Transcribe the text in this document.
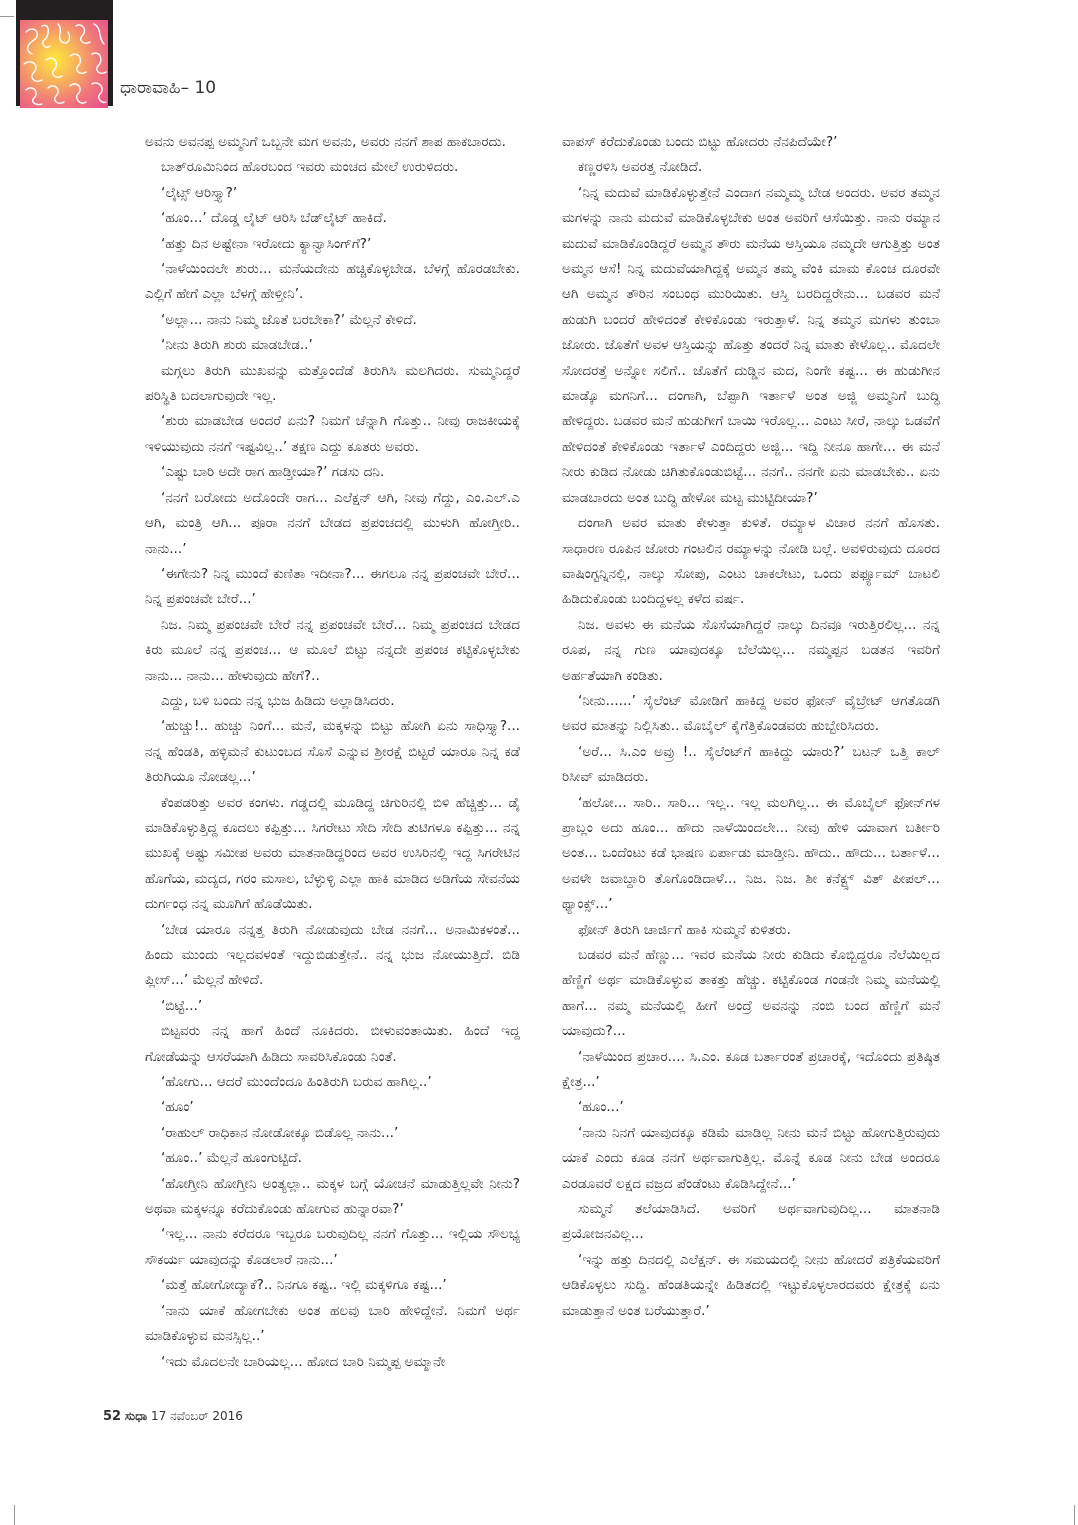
ಧಾರಾವಾಹಿ– 10

ಅವನು ಅವನಪ್ಪ ಅಮ್ಮನಿಗೆ ಒಬ್ಬನೇ ಮಗ ಅವನು, ಅವರು ನನಗೆ ಶಾಪ ಹಾಕಬಾರದು.

ಬಾತ್‌ರೂಮಿನಿಂದ ಹೊರಬಂದ ಇವರು ಮಂಚದ ಮೇಲೆ ಉರುಳಿದರು.

‘ಲೈಟ್ಸ್ ಆರಿಸ್ತ್ಯಾ?’

‘ಹೂಂ...’ ದೊಡ್ಡ ಲೈಟ್ ಆರಿಸಿ ಬೆಡ್‌ಲೈಟ್ ಹಾಕಿದೆ.

‘ಹತ್ತು ದಿನ ಅಷ್ಟೇನಾ ಇರೋದು ಕ್ಯಾನ್ವಾಸಿಂಗ್‌ಗೆ?’

‘ನಾಳೆಯಿಂದಲೇ ಶುರು... ಮನೆಯದೇನು ಹಚ್ಚಿಕೊಳ್ಳಬೇಡ. ಬೆಳಗ್ಗೆ ಹೊರಡಬೇಕು. ಎಲ್ಲಿಗೆ ಹೇಗೆ ಎಲ್ಲಾ ಬೆಳಗ್ಗೆ ಹೇಳ್ತೀನಿ’.

‘ಅಲ್ಲಾ... ನಾನು ನಿಮ್ಮ ಜೊತೆ ಬರಬೇಕಾ?’ ಮೆಲ್ಲನೆ ಕೇಳಿದೆ.

‘ನೀನು ತಿರುಗಿ ಶುರು ಮಾಡಬೇಡ..’

ಮಗ್ಗಲು ತಿರುಗಿ ಮುಖವನ್ನು ಮತ್ತೊಂದೆಡೆ ತಿರುಗಿಸಿ ಮಲಗಿದರು. ಸುಮ್ಮನಿದ್ದರೆ ಪರಿಸ್ಥಿತಿ ಬದಲಾಗುವುದೇ ಇಲ್ಲ.

‘ಶುರು ಮಾಡಬೇಡ ಅಂದರೆ ಏನು? ನಿಮಗೆ ಚೆನ್ನಾಗಿ ಗೊತ್ತು.. ನೀವು ರಾಜಕೀಯಕ್ಕೆ ಇಳಿಯುವುದು ನನಗೆ ಇಷ್ಟವಿಲ್ಲ..’ ತಕ್ಷಣ ಎದ್ದು ಕೂತರು ಅವರು.

‘ಎಷ್ಟು ಬಾರಿ ಅದೇ ರಾಗ ಹಾಡ್ತೀಯಾ?’ ಗಡಸು ದನಿ.

‘ನನಗೆ ಬರೋದು ಅದೊಂದೇ ರಾಗ... ಎಲೆಕ್ಷನ್ ಆಗಿ, ನೀವು ಗೆದ್ದು, ಎಂ.ಎಲ್.ಎ ಆಗಿ, ಮಂತ್ರಿ ಆಗಿ... ಪೂರಾ ನನಗೆ ಬೇಡದ ಪ್ರಪಂಚದಲ್ಲಿ ಮುಳುಗಿ ಹೋಗ್ತೀರಿ.. ನಾನು...’

‘ಈಗೇನು? ನಿನ್ನ ಮುಂದೆ ಕುಣಿತಾ ಇದೀನಾ?... ಈಗಲೂ ನನ್ನ ಪ್ರಪಂಚವೇ ಬೇರೆ... ನಿನ್ನ ಪ್ರಪಂಚವೇ ಬೇರೆ...’

ನಿಜ. ನಿಮ್ಮ ಪ್ರಪಂಚವೇ ಬೇರೆ ನನ್ನ ಪ್ರಪಂಚವೇ ಬೇರೆ... ನಿಮ್ಮ ಪ್ರಪಂಚದ ಬೇಡದ ಕಿರು ಮೂಲೆ ನನ್ನ ಪ್ರಪಂಚ... ಆ ಮೂಲೆ ಬಿಟ್ಟು ನನ್ನದೇ ಪ್ರಪಂಚ ಕಟ್ಟಿಕೊಳ್ಳಬೇಕು ನಾನು... ನಾನು... ಹೇಳುವುದು ಹೇಗೆ?..

ಎದ್ದು, ಬಳಿ ಬಂದು ನನ್ನ ಭುಜ ಹಿಡಿದು ಅಲ್ಲಾಡಿಸಿದರು.

‘ಹುಚ್ಚು!.. ಹುಚ್ಚು ನಿಂಗೆ... ಮನೆ, ಮಕ್ಕಳನ್ನು ಬಿಟ್ಟು ಹೋಗಿ ಏನು ಸಾಧಿಸ್ತ್ಯಾ?... ನನ್ನ ಹೆಂಡತಿ, ಹಳ್ಳಿಮನೆ ಕುಟುಂಬದ ಸೊಸೆ ಎನ್ನುವ ಶ್ರೀರಕ್ಷೆ ಬಿಟ್ಟರೆ ಯಾರೂ ನಿನ್ನ ಕಡೆ ತಿರುಗಿಯೂ ನೋಡಲ್ಲ...’

ಕೆಂಪಡರಿತ್ತು ಅವರ ಕಂಗಳು. ಗಡ್ಡದಲ್ಲಿ ಮೂಡಿದ್ದ ಚಿಗುರಿನಲ್ಲಿ ಬಿಳಿ ಹೆಚ್ಚಿತ್ತು... ಡೈ ಮಾಡಿಕೊಳ್ಳುತ್ತಿದ್ದ ಕೂದಲು ಕಪ್ಪಿತ್ತು... ಸಿಗರೇಟು ಸೇದಿ ಸೇದಿ ತುಟಿಗಳೂ ಕಪ್ಪಿತ್ತು... ನನ್ನ ಮುಖಕ್ಕೆ ಅಷ್ಟು ಸಮೀಪ ಅವರು ಮಾತನಾಡಿದ್ದರಿಂದ ಅವರ ಉಸಿರಿನಲ್ಲಿ ಇದ್ದ ಸಿಗರೇಟಿನ ಹೊಗೆಯ, ಮದ್ಯದ, ಗರಂ ಮಸಾಲ, ಬೆಳ್ಳುಳ್ಳಿ ಎಲ್ಲಾ ಹಾಕಿ ಮಾಡಿದ ಅಡಿಗೆಯ ಸೇವನೆಯ ದುರ್ಗಂಧ ನನ್ನ ಮೂಗಿಗೆ ಹೊಡೆಯಿತು.

‘ಬೇಡ ಯಾರೂ ನನ್ನತ್ತ ತಿರುಗಿ ನೋಡುವುದು ಬೇಡ ನನಗೆ... ಅನಾಮಿಕಳಂತೆ... ಹಿಂದು ಮುಂದು ಇಲ್ಲದವಳಂತೆ ಇದ್ದುಬಿಡುತ್ತೇನೆ.. ನನ್ನ ಭುಜ ನೋಯುತ್ತಿದೆ. ಬಿಡಿ ಪ್ಲೀಸ್...’ ಮೆಲ್ಲನೆ ಹೇಳಿದೆ.

‘ಬಿಟ್ಟೆ...’

ಬಿಟ್ಟವರು ನನ್ನ ಹಾಗೆ ಹಿಂದೆ ನೂಕಿದರು. ಬೀಳುವಂತಾಯಿತು. ಹಿಂದೆ ಇದ್ದ ಗೋಡೆಯನ್ನು ಆಸರೆಯಾಗಿ ಹಿಡಿದು ಸಾವರಿಸಿಕೊಂಡು ನಿಂತೆ.

‘ಹೋಗು... ಆದರೆ ಮುಂದೆಂದೂ ಹಿಂತಿರುಗಿ ಬರುವ ಹಾಗಿಲ್ಲ..’

‘ಹೂಂ’

‘ರಾಹುಲ್ ರಾಧಿಕಾನ ನೋಡೋಕ್ಕೂ ಬಿಡೊಲ್ಲ ನಾನು...’

‘ಹೂಂ..’ ಮೆಲ್ಲನೆ ಹೂಂಗುಟ್ಟಿದೆ.

‘ಹೋಗ್ತೀನಿ ಹೋಗ್ತೀನಿ ಅಂತ್ಯಲ್ಲಾ.. ಮಕ್ಕಳ ಬಗ್ಗೆ ಯೋಚನೆ ಮಾಡುತ್ತಿಲ್ಲವೇ ನೀನು? ಅಥವಾ ಮಕ್ಕಳನ್ನೂ ಕರೆದುಕೊಂಡು ಹೋಗುವ ಹುನ್ನಾರವಾ?’

‘ಇಲ್ಲ... ನಾನು ಕರೆದರೂ ಇಬ್ಬರೂ ಬರುವುದಿಲ್ಲ ನನಗೆ ಗೊತ್ತು... ಇಲ್ಲಿಯ ಸೌಲಭ್ಯ ಸೌಕರ್ಯ ಯಾವುದನ್ನು ಕೊಡಲಾರೆ ನಾನು...’

‘ಮತ್ತೆ ಹೋಗೋದ್ಯಾಕೆ?.. ನಿನಗೂ ಕಷ್ಟ.. ಇಲ್ಲಿ ಮಕ್ಕಳಿಗೂ ಕಷ್ಟ...’

‘ನಾನು ಯಾಕೆ ಹೋಗಬೇಕು ಅಂತ ಹಲವು ಬಾರಿ ಹೇಳಿದ್ದೇನೆ. ನಿಮಗೆ ಅರ್ಥ ಮಾಡಿಕೊಳ್ಳುವ ಮನಸ್ಸಿಲ್ಲ..’

‘ಇದು ಮೊದಲನೇ ಬಾರಿಯಲ್ಲ... ಹೋದ ಬಾರಿ ನಿಮ್ಮಪ್ಪ ಅಮ್ಮಾನೇ

ವಾಪಸ್ ಕರೆದುಕೊಂಡು ಬಂದು ಬಿಟ್ಟು ಹೋದರು ನೆನಪಿದೆಯೇ?’

ಕಣ್ಣರಳಿಸಿ ಅವರತ್ತ ನೋಡಿದೆ.

‘ನಿನ್ನ ಮದುವೆ ಮಾಡಿಕೊಳ್ಳುತ್ತೇನೆ ಎಂದಾಗ ನಮ್ಮಮ್ಮ ಬೇಡ ಅಂದರು. ಅವರ ತಮ್ಮನ ಮಗಳನ್ನು ನಾನು ಮದುವೆ ಮಾಡಿಕೊಳ್ಳಬೇಕು ಅಂತ ಅವರಿಗೆ ಆಸೆಯಿತ್ತು. ನಾನು ರಮ್ಯಾನ ಮದುವೆ ಮಾಡಿಕೊಂಡಿದ್ದರೆ ಅಮ್ಮನ ತೌರು ಮನೆಯ ಆಸ್ತಿಯೂ ನಮ್ಮದೇ ಆಗುತ್ತಿತ್ತು ಅಂತ ಅಮ್ಮನ ಆಸೆ! ನಿನ್ನ ಮದುವೆಯಾಗಿದ್ದಕ್ಕೆ ಅಮ್ಮನ ತಮ್ಮ ವೆಂಕಿ ಮಾಮ ಕೊಂಚ ದೂರವೇ ಆಗಿ ಅಮ್ಮನ ತೌರಿನ ಸಂಬಂಧ ಮುರಿಯಿತು. ಆಸ್ತಿ ಬರದಿದ್ದರೇನು... ಬಡವರ ಮನೆ ಹುಡುಗಿ ಬಂದರೆ ಹೇಳಿದಂತೆ ಕೇಳಿಕೊಂಡು ಇರುತ್ತಾಳೆ. ನಿನ್ನ ತಮ್ಮನ ಮಗಳು ತುಂಬಾ ಜೋರು. ಜೊತೆಗೆ ಅವಳ ಆಸ್ತಿಯನ್ನು ಹೊತ್ತು ತಂದರೆ ನಿನ್ನ ಮಾತು ಕೇಳೊಲ್ಲ.. ಮೊದಲೇ ಸೋದರತ್ತೆ ಅನ್ನೋ ಸಲಿಗೆ.. ಜೊತೆಗೆ ದುಡ್ಡಿನ ಮದ, ನಿಂಗೇ ಕಷ್ಟ... ಈ ಹುಡುಗೀನ ಮಾಡ್ಕೊ ಮಗನಿಗೆ... ದಂಗಾಗಿ, ಬೆಪ್ಪಾಗಿ ಇರ್ತಾಳೆ ಅಂತ ಅಜ್ಜಿ ಅಮ್ಮನಿಗೆ ಬುದ್ಧಿ ಹೇಳಿದ್ದರು. ಬಡವರ ಮನೆ ಹುಡುಗೀಗೆ ಬಾಯಿ ಇರೊಲ್ಲ... ಎಂಟು ಸೀರೆ, ನಾಲ್ಕು ಒಡವೆಗೆ ಹೇಳಿದಂತೆ ಕೇಳಿಕೊಂಡು ಇರ್ತಾಳೆ ಎಂದಿದ್ದರು ಅಜ್ಜಿ... ಇದ್ದಿ ನೀನೂ ಹಾಗೇ... ಈ ಮನೆ ನೀರು ಕುಡಿದ ನೋಡು ಚಿಗಿತುಕೊಂಡುಬಿಟ್ಟೆ... ನನಗೆ.. ನನಗೇ ಏನು ಮಾಡಬೇಕು.. ಏನು ಮಾಡಬಾರದು ಅಂತ ಬುದ್ಧಿ ಹೇಳೋ ಮಟ್ಟ ಮುಟ್ಟಿದೀಯಾ?’

ದಂಗಾಗಿ ಅವರ ಮಾತು ಕೇಳುತ್ತಾ ಕುಳಿತೆ. ರಮ್ಯಾಳ ವಿಚಾರ ನನಗೆ ಹೊಸತು. ಸಾಧಾರಣ ರೂಪಿನ ಜೋರು ಗಂಟಲಿನ ರಮ್ಯಾಳನ್ನು ನೋಡಿ ಬಲ್ಲೆ. ಅವಳಿರುವುದು ದೂರದ ವಾಷಿಂಗ್ಟನ್ನಿನಲ್ಲಿ, ನಾಲ್ಕು ಸೋಪು, ಎಂಟು ಚಾಕಲೇಟು, ಒಂದು ಪರ್ಫ್ಯೂಮ್ ಬಾಟಲಿ ಹಿಡಿದುಕೊಂಡು ಬಂದಿದ್ದಳಲ್ಲ ಕಳೆದ ವರ್ಷ.

ನಿಜ. ಅವಳು ಈ ಮನೆಯ ಸೊಸೆಯಾಗಿದ್ದರೆ ನಾಲ್ಕು ದಿನವೂ ಇರುತ್ತಿರಲಿಲ್ಲ... ನನ್ನ ರೂಪ, ನನ್ನ ಗುಣ ಯಾವುದಕ್ಕೂ ಬೆಲೆಯಿಲ್ಲ... ನಮ್ಮಪ್ಪನ ಬಡತನ ಇವರಿಗೆ ಅರ್ಹತೆಯಾಗಿ ಕಂಡಿತು.

‘ನೀನು......’ ಸೈಲೆಂಟ್ ಮೋಡಿಗೆ ಹಾಕಿದ್ದ ಅವರ ಫೋನ್ ವೈಬ್ರೇಟ್ ಆಗತೊಡಗಿ ಅವರ ಮಾತನ್ನು ನಿಲ್ಲಿಸಿತು.. ಮೊಬೈಲ್ ಕೈಗೆತ್ತಿಕೊಂಡವರು ಹುಬ್ಬೇರಿಸಿದರು.

‘ಅರೆ... ಸಿ.ಎಂ ಅವ್ರು !.. ಸೈಲೆಂಟ್‌ಗೆ ಹಾಕಿದ್ದು ಯಾರು?’ ಬಟನ್ ಒತ್ತಿ ಕಾಲ್ ರಿಸೀವ್ ಮಾಡಿದರು.

‘ಹಲೋ... ಸಾರಿ.. ಸಾರಿ... ಇಲ್ಲ.. ಇಲ್ಲ ಮಲಗಿಲ್ಲ... ಈ ಮೊಬೈಲ್ ಫೋನ್‌ಗಳ ಪ್ರಾಬ್ಲಂ ಅದು ಹೂಂ... ಹೌದು ನಾಳೆಯಿಂದಲೇ... ನೀವು ಹೇಳಿ ಯಾವಾಗ ಬರ್ತೀರಿ ಅಂತ... ಒಂದೆಂಟು ಕಡೆ ಭಾಷಣ ಏರ್ಪಾಡು ಮಾಡ್ತೀನಿ. ಹೌದು.. ಹೌದು... ಬರ್ತಾಳೆ... ಅವಳೇ ಜವಾಬ್ದಾರಿ ತೊಗೊಂಡಿದಾಳೆ... ನಿಜ. ನಿಜ. ಶೀ ಕನೆಕ್ಟ್ಸ್ ವಿತ್ ಪೀಪಲ್... ಥ್ಯಾಂಕ್ಸ್...’

ಫೋನ್ ತಿರುಗಿ ಚಾರ್ಜಿಗೆ ಹಾಕಿ ಸುಮ್ಮನೆ ಕುಳಿತರು.

ಬಡವರ ಮನೆ ಹೆಣ್ಣು... ಇವರ ಮನೆಯ ನೀರು ಕುಡಿದು ಕೊಬ್ಬಿದ್ದರೂ ನೆಲೆಯಿಲ್ಲದ ಹೆಣ್ಣಿಗೆ ಅರ್ಥ ಮಾಡಿಕೊಳ್ಳುವ ತಾಕತ್ತು ಹೆಚ್ಚು. ಕಟ್ಟಿಕೊಂಡ ಗಂಡನೇ ನಿಮ್ಮ ಮನೆಯಲ್ಲಿ ಹಾಗೆ... ನಮ್ಮ ಮನೆಯಲ್ಲಿ ಹೀಗೆ ಅಂದ್ರೆ ಅವನನ್ನು ನಂಬಿ ಬಂದ ಹೆಣ್ಣಿಗೆ ಮನೆ ಯಾವುದು?...

‘ನಾಳೆಯಿಂದ ಪ್ರಚಾರ.... ಸಿ.ಎಂ. ಕೂಡ ಬರ್ತಾರಂತೆ ಪ್ರಚಾರಕ್ಕೆ, ಇದೊಂದು ಪ್ರತಿಷ್ಠಿತ ಕ್ಷೇತ್ರ...’

‘ಹೂಂ...’

‘ನಾನು ನಿನಗೆ ಯಾವುದಕ್ಕೂ ಕಡಿಮೆ ಮಾಡಿಲ್ಲ ನೀನು ಮನೆ ಬಿಟ್ಟು ಹೋಗುತ್ತಿರುವುದು ಯಾಕೆ ಎಂದು ಕೂಡ ನನಗೆ ಅರ್ಥವಾಗುತ್ತಿಲ್ಲ. ಮೊನ್ನೆ ಕೂಡ ನೀನು ಬೇಡ ಅಂದರೂ ಎರಡೂವರೆ ಲಕ್ಷದ ವಜ್ರದ ಪೆಂಡೆಂಟು ಕೊಡಿಸಿದ್ದೇನೆ...’

ಸುಮ್ಮನೆ ತಲೆಯಾಡಿಸಿದೆ. ಅವರಿಗೆ ಅರ್ಥವಾಗುವುದಿಲ್ಲ... ಮಾತನಾಡಿ ಪ್ರಯೋಜನವಿಲ್ಲ...

‘ಇನ್ನು ಹತ್ತು ದಿನದಲ್ಲಿ ಎಲೆಕ್ಷನ್. ಈ ಸಮಯದಲ್ಲಿ ನೀನು ಹೋದರೆ ಪತ್ರಿಕೆಯವರಿಗೆ ಆಡಿಕೊಳ್ಳಲು ಸುದ್ದಿ. ಹೆಂಡತಿಯನ್ನೇ ಹಿಡಿತದಲ್ಲಿ ಇಟ್ಟುಕೊಳ್ಳಲಾರದವರು ಕ್ಷೇತ್ರಕ್ಕೆ ಏನು ಮಾಡುತ್ತಾನೆ ಅಂತ ಬರೆಯುತ್ತಾರೆ.’

52 ಸುಧಾ 17 ನವೆಂಬರ್ 2016
